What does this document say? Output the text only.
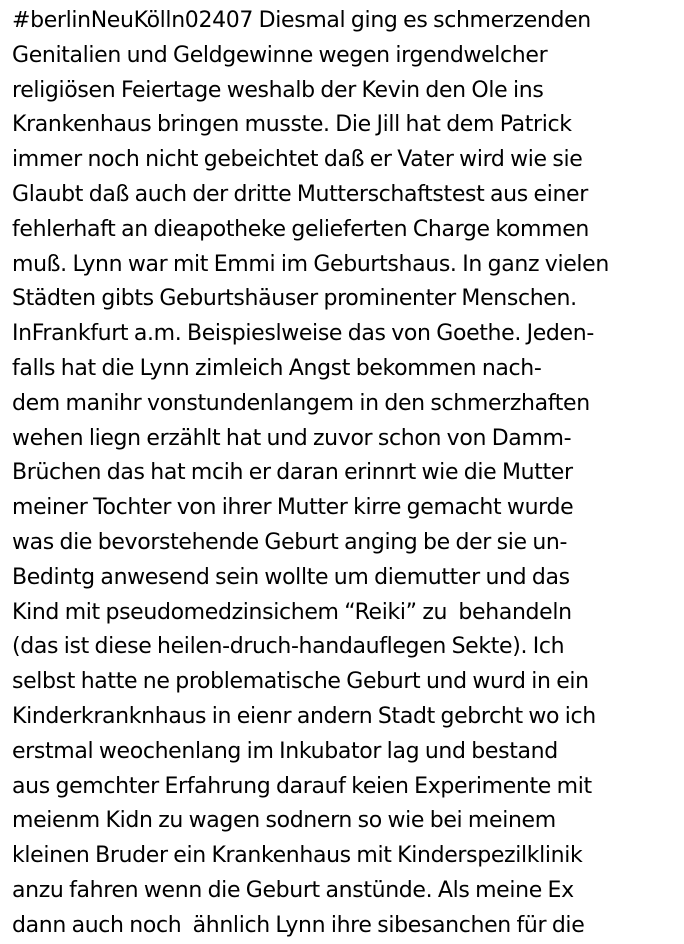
#berlinNeuKölln02407 Diesmal ging es schmerzenden
Genitalien und Geldgewinne wegen irgendwelcher
religiösen Feiertage weshalb der Kevin den Ole ins
Krankenhaus bringen musste. Die Jill hat dem Patrick
immer noch nicht gebeichtet daß er Vater wird wie sie
Glaubt daß auch der dritte Mutterschaftstest aus einer
fehlerhaft an dieapotheke gelieferten Charge kommen
muß. Lynn war mit Emmi im Geburtshaus. In ganz vielen
Städten gibts Geburtshäuser prominenter Menschen.
InFrankfurt a.m. Beispieslweise das von Goethe. Jeden-
falls hat die Lynn zimleich Angst bekommen nach-
dem manihr vonstundenlangem in den schmerzhaften
wehen liegn erzählt hat und zuvor schon von Damm-
Brüchen das hat mcih er daran erinnrt wie die Mutter
meiner Tochter von ihrer Mutter kirre gemacht wurde
was die bevorstehende Geburt anging be der sie un-
Bedintg anwesend sein wollte um diemutter und das
Kind mit pseudomedzinsichem “Reiki” zu  behandeln
(das ist diese heilen-druch-handauflegen Sekte). Ich
selbst hatte ne problematische Geburt und wurd in ein
Kinderkranknhaus in eienr andern Stadt gebrcht wo ich
erstmal weochenlang im Inkubator lag und bestand
aus gemchter Erfahrung darauf keien Experimente mit
meienm Kidn zu wagen sodnern so wie bei meinem
kleinen Bruder ein Krankenhaus mit Kinderspezilklinik
anzu fahren wenn die Geburt anstünde. Als meine Ex
dann auch noch  ähnlich Lynn ihre sibesanchen für die
